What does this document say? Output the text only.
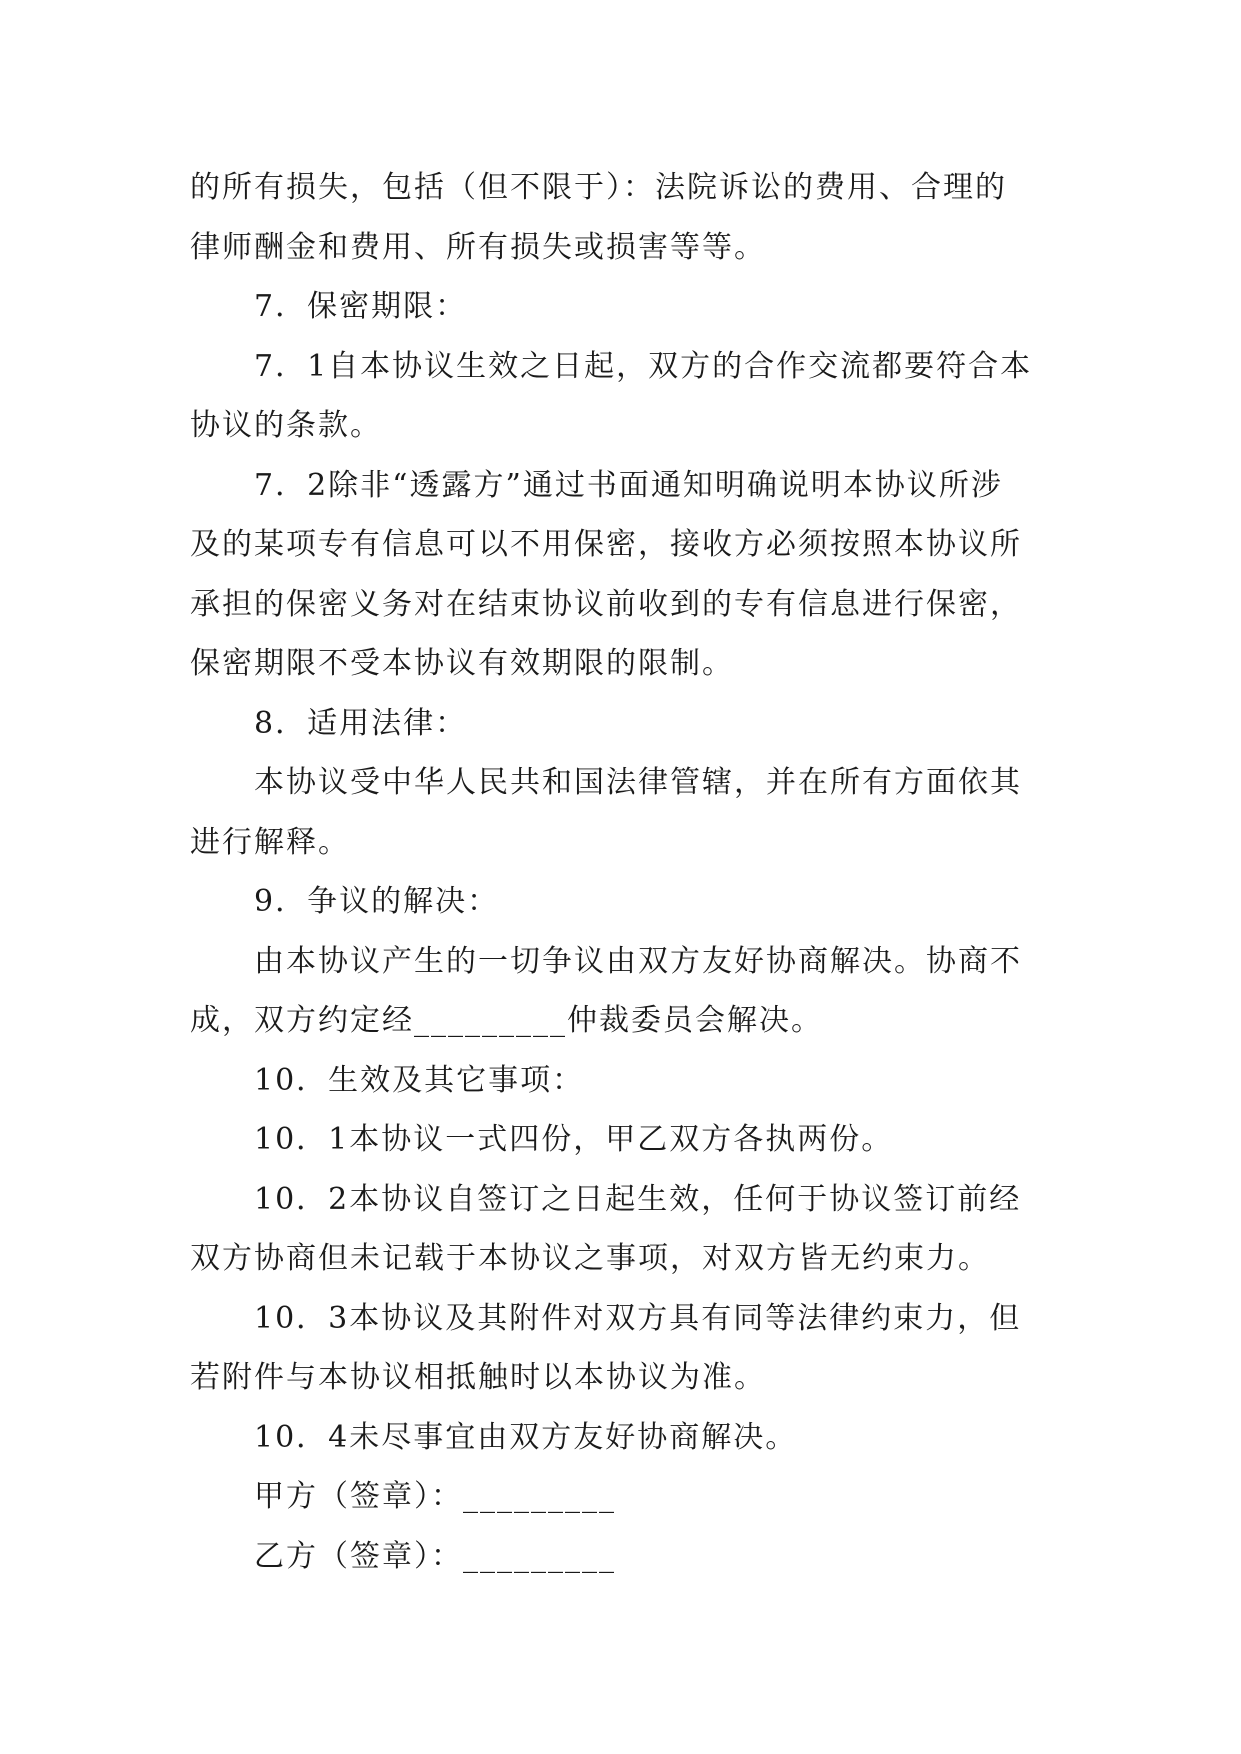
的所有损失，包括（但不限于）：法院诉讼的费用、合理的
律师酬金和费用、所有损失或损害等等。

7．保密期限：

7．1自本协议生效之日起，双方的合作交流都要符合本
协议的条款。

7．2除非“透露方”通过书面通知明确说明本协议所涉
及的某项专有信息可以不用保密，接收方必须按照本协议所
承担的保密义务对在结束协议前收到的专有信息进行保密，
保密期限不受本协议有效期限的限制。

8．适用法律：

本协议受中华人民共和国法律管辖，并在所有方面依其
进行解释。

9．争议的解决：

由本协议产生的一切争议由双方友好协商解决。协商不
成，双方约定经_________仲裁委员会解决。

10．生效及其它事项：

10．1本协议一式四份，甲乙双方各执两份。

10．2本协议自签订之日起生效，任何于协议签订前经
双方协商但未记载于本协议之事项，对双方皆无约束力。

10．3本协议及其附件对双方具有同等法律约束力，但
若附件与本协议相抵触时以本协议为准。

10．4未尽事宜由双方友好协商解决。

甲方（签章）：_________

乙方（签章）：_________
